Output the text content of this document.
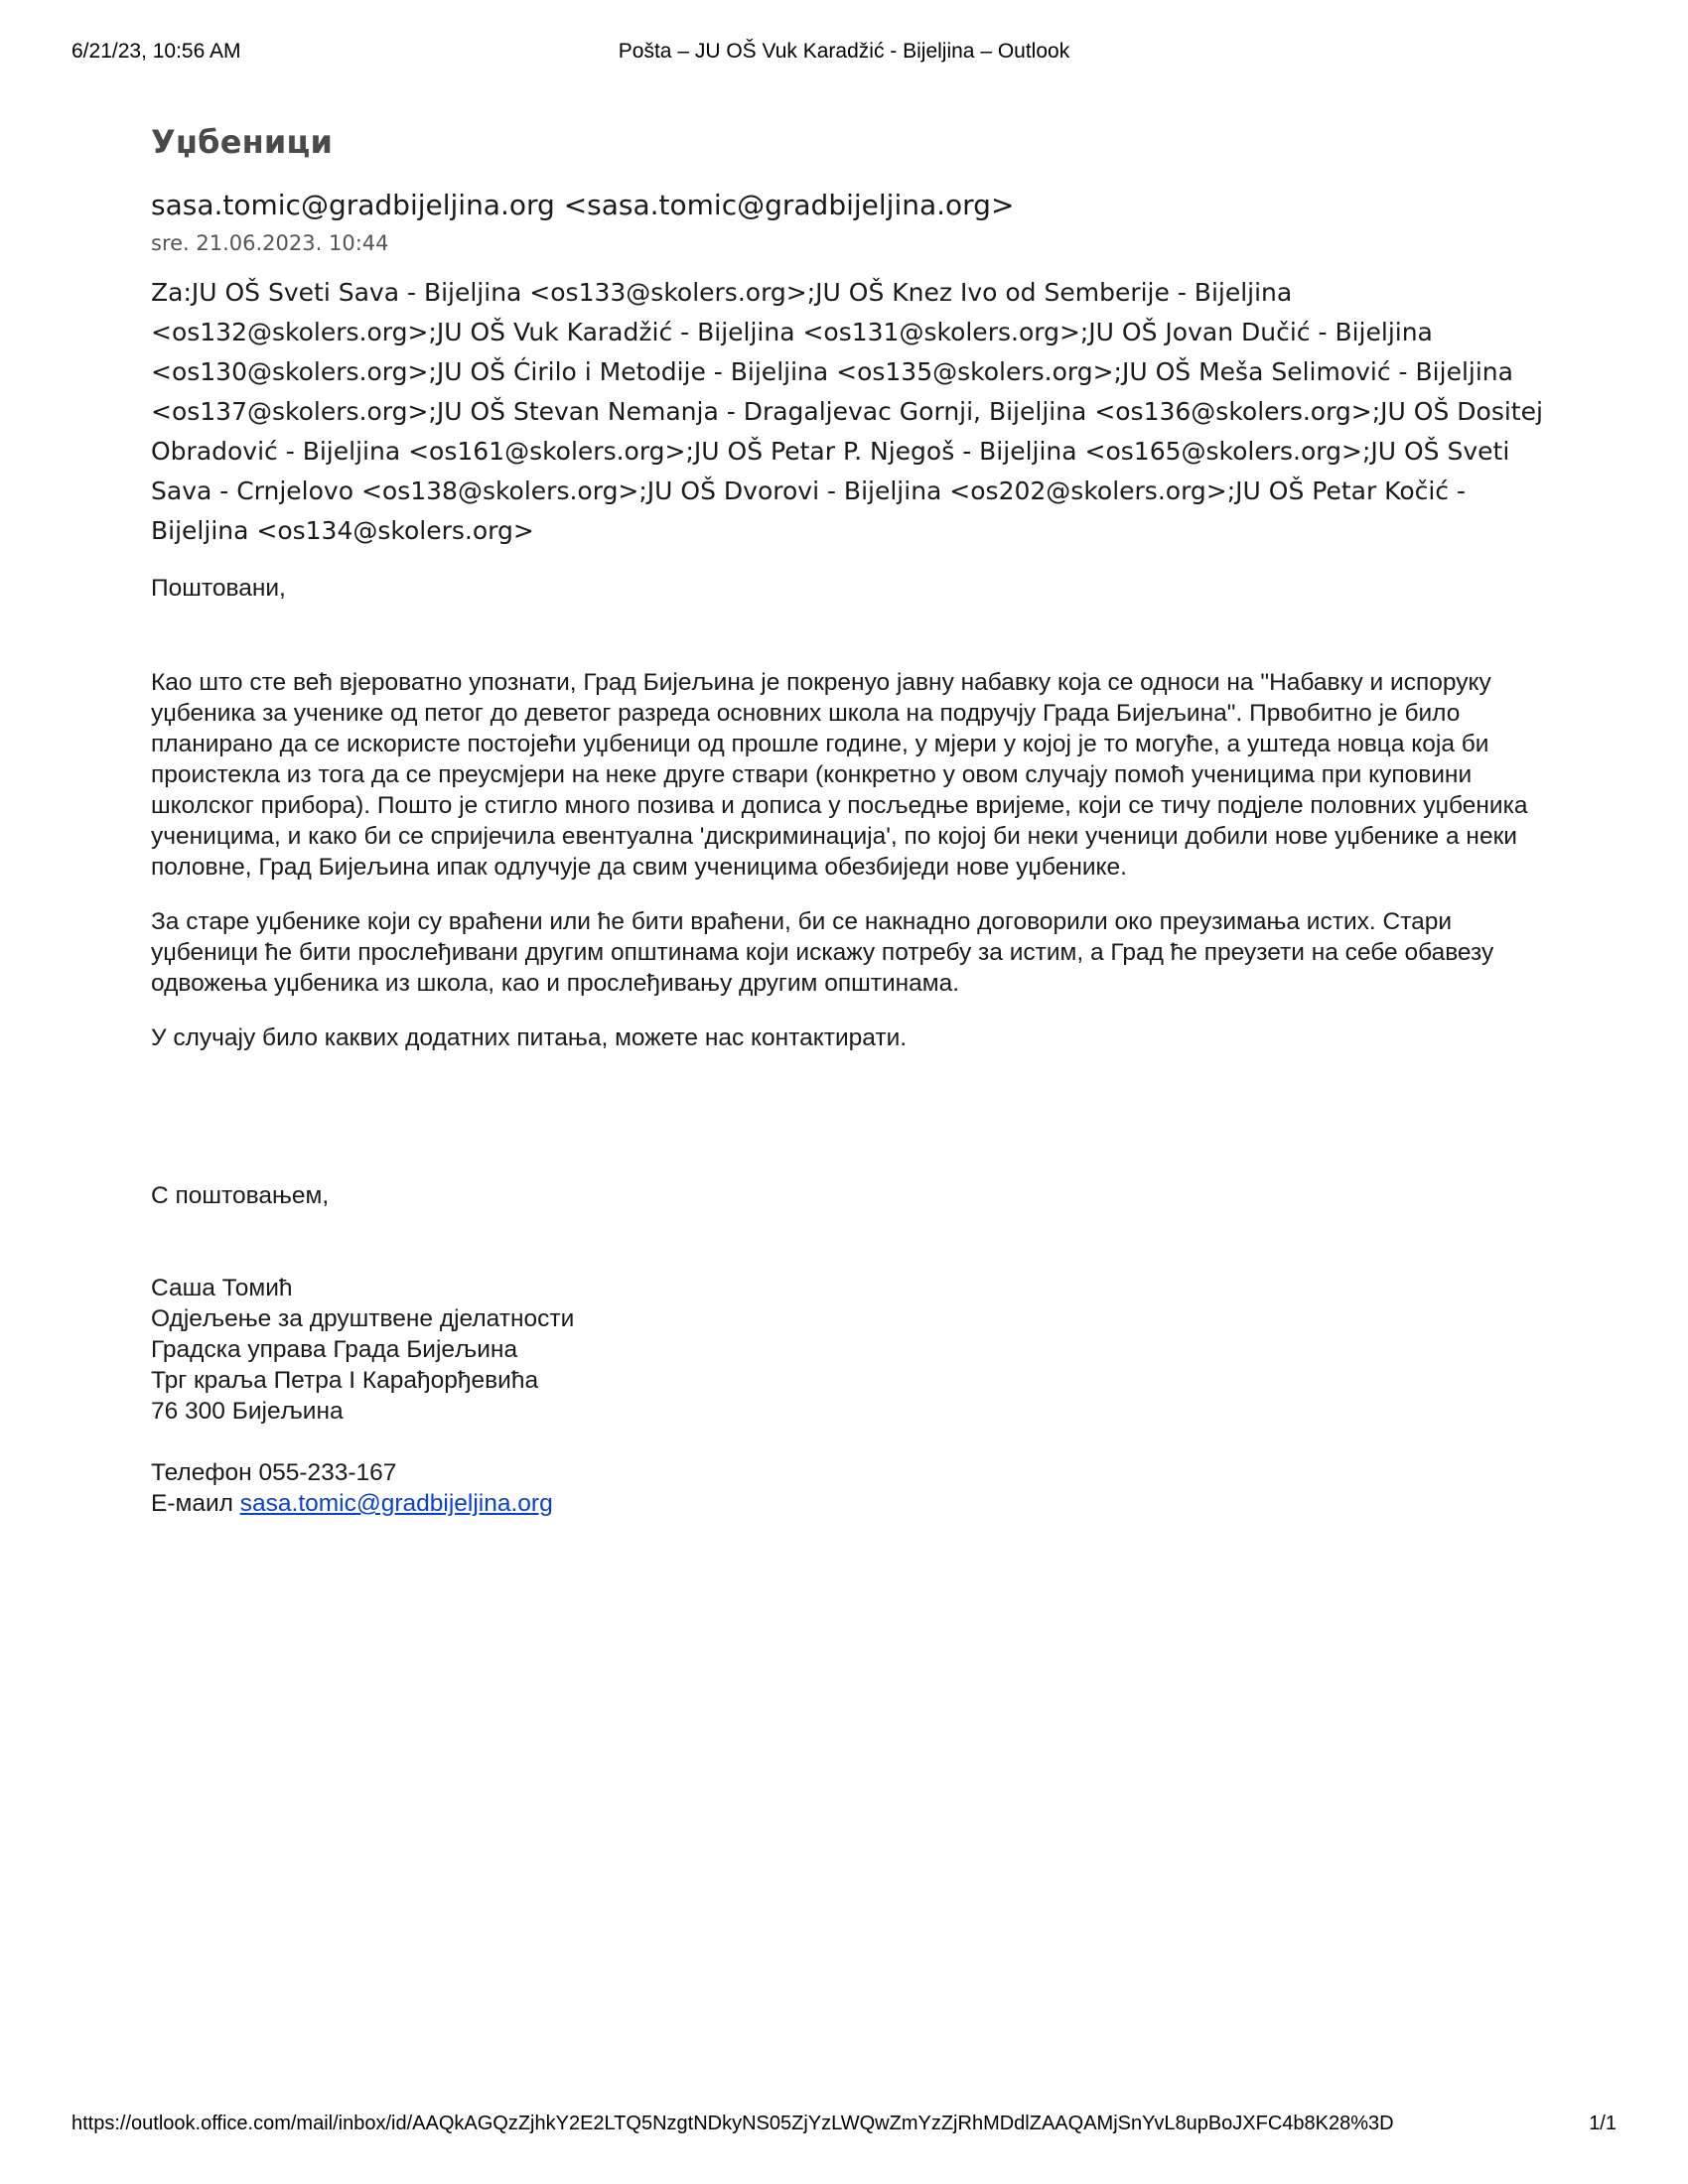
6/21/23, 10:56 AM	Pošta – JU OŠ Vuk Karadžić - Bijeljina – Outlook
Уџбеници
sasa.tomic@gradbijeljina.org <sasa.tomic@gradbijeljina.org>
sre. 21.06.2023. 10:44
Za:JU OŠ Sveti Sava - Bijeljina <os133@skolers.org>;JU OŠ Knez Ivo od Semberije - Bijeljina <os132@skolers.org>;JU OŠ Vuk Karadžić - Bijeljina <os131@skolers.org>;JU OŠ Jovan Dučić - Bijeljina <os130@skolers.org>;JU OŠ Ćirilo i Metodije - Bijeljina <os135@skolers.org>;JU OŠ Meša Selimović - Bijeljina <os137@skolers.org>;JU OŠ Stevan Nemanja - Dragaljevac Gornji, Bijeljina <os136@skolers.org>;JU OŠ Dositej Obradović - Bijeljina <os161@skolers.org>;JU OŠ Petar P. Njegoš - Bijeljina <os165@skolers.org>;JU OŠ Sveti Sava - Crnjelovo <os138@skolers.org>;JU OŠ Dvorovi - Bijeljina <os202@skolers.org>;JU OŠ Petar Kočić - Bijeljina <os134@skolers.org>

Поштовани,

Као што сте већ вјероватно упознати, Град Бијељина је покренуо јавну набавку која се односи на "Набавку и испоруку уџбеника за ученике од петог до деветог разреда основних школа на подручју Града Бијељина". Првобитно је било планирано да се искористе постојећи уџбеници од прошле године, у мјери у којој је то могуће, а уштеда новца која би проистекла из тога да се преусмјери на неке друге ствари (конкретно у овом случају помоћ ученицима при куповини школског прибора). Пошто је стигло много позива и дописа у посљедње вријеме, који се тичу подјеле половних уџбеника ученицима, и како би се спријечила евентуална 'дискриминација', по којој би неки ученици добили нове уџбенике а неки половне, Град Бијељина ипак одлучује да свим ученицима обезбиједи нове уџбенике.

За старе уџбенике који су враћени или ће бити враћени, би се накнадно договорили око преузимања истих. Стари уџбеници ће бити прослеђивани другим општинама који искажу потребу за истим, а Град ће преузети на себе обавезу одвожења уџбеника из школа, као и прослеђивању другим општинама.

У случају било каквих додатних питања, можете нас контактирати.

С поштовањем,

Саша Томић
Одјељење за друштвене дјелатности
Градска управа Града Бијељина
Трг краља Петра I Карађорђевића
76 300 Бијељина
Телефон 055-233-167
Е-маил sasa.tomic@gradbijeljina.org
https://outlook.office.com/mail/inbox/id/AAQkAGQzZjhkY2E2LTQ5NzgtNDkyNS05ZjYzLWQwZmYzZjRhMDdlZAAQAMjSnYvL8upBoJXFC4b8K28%3D	1/1
